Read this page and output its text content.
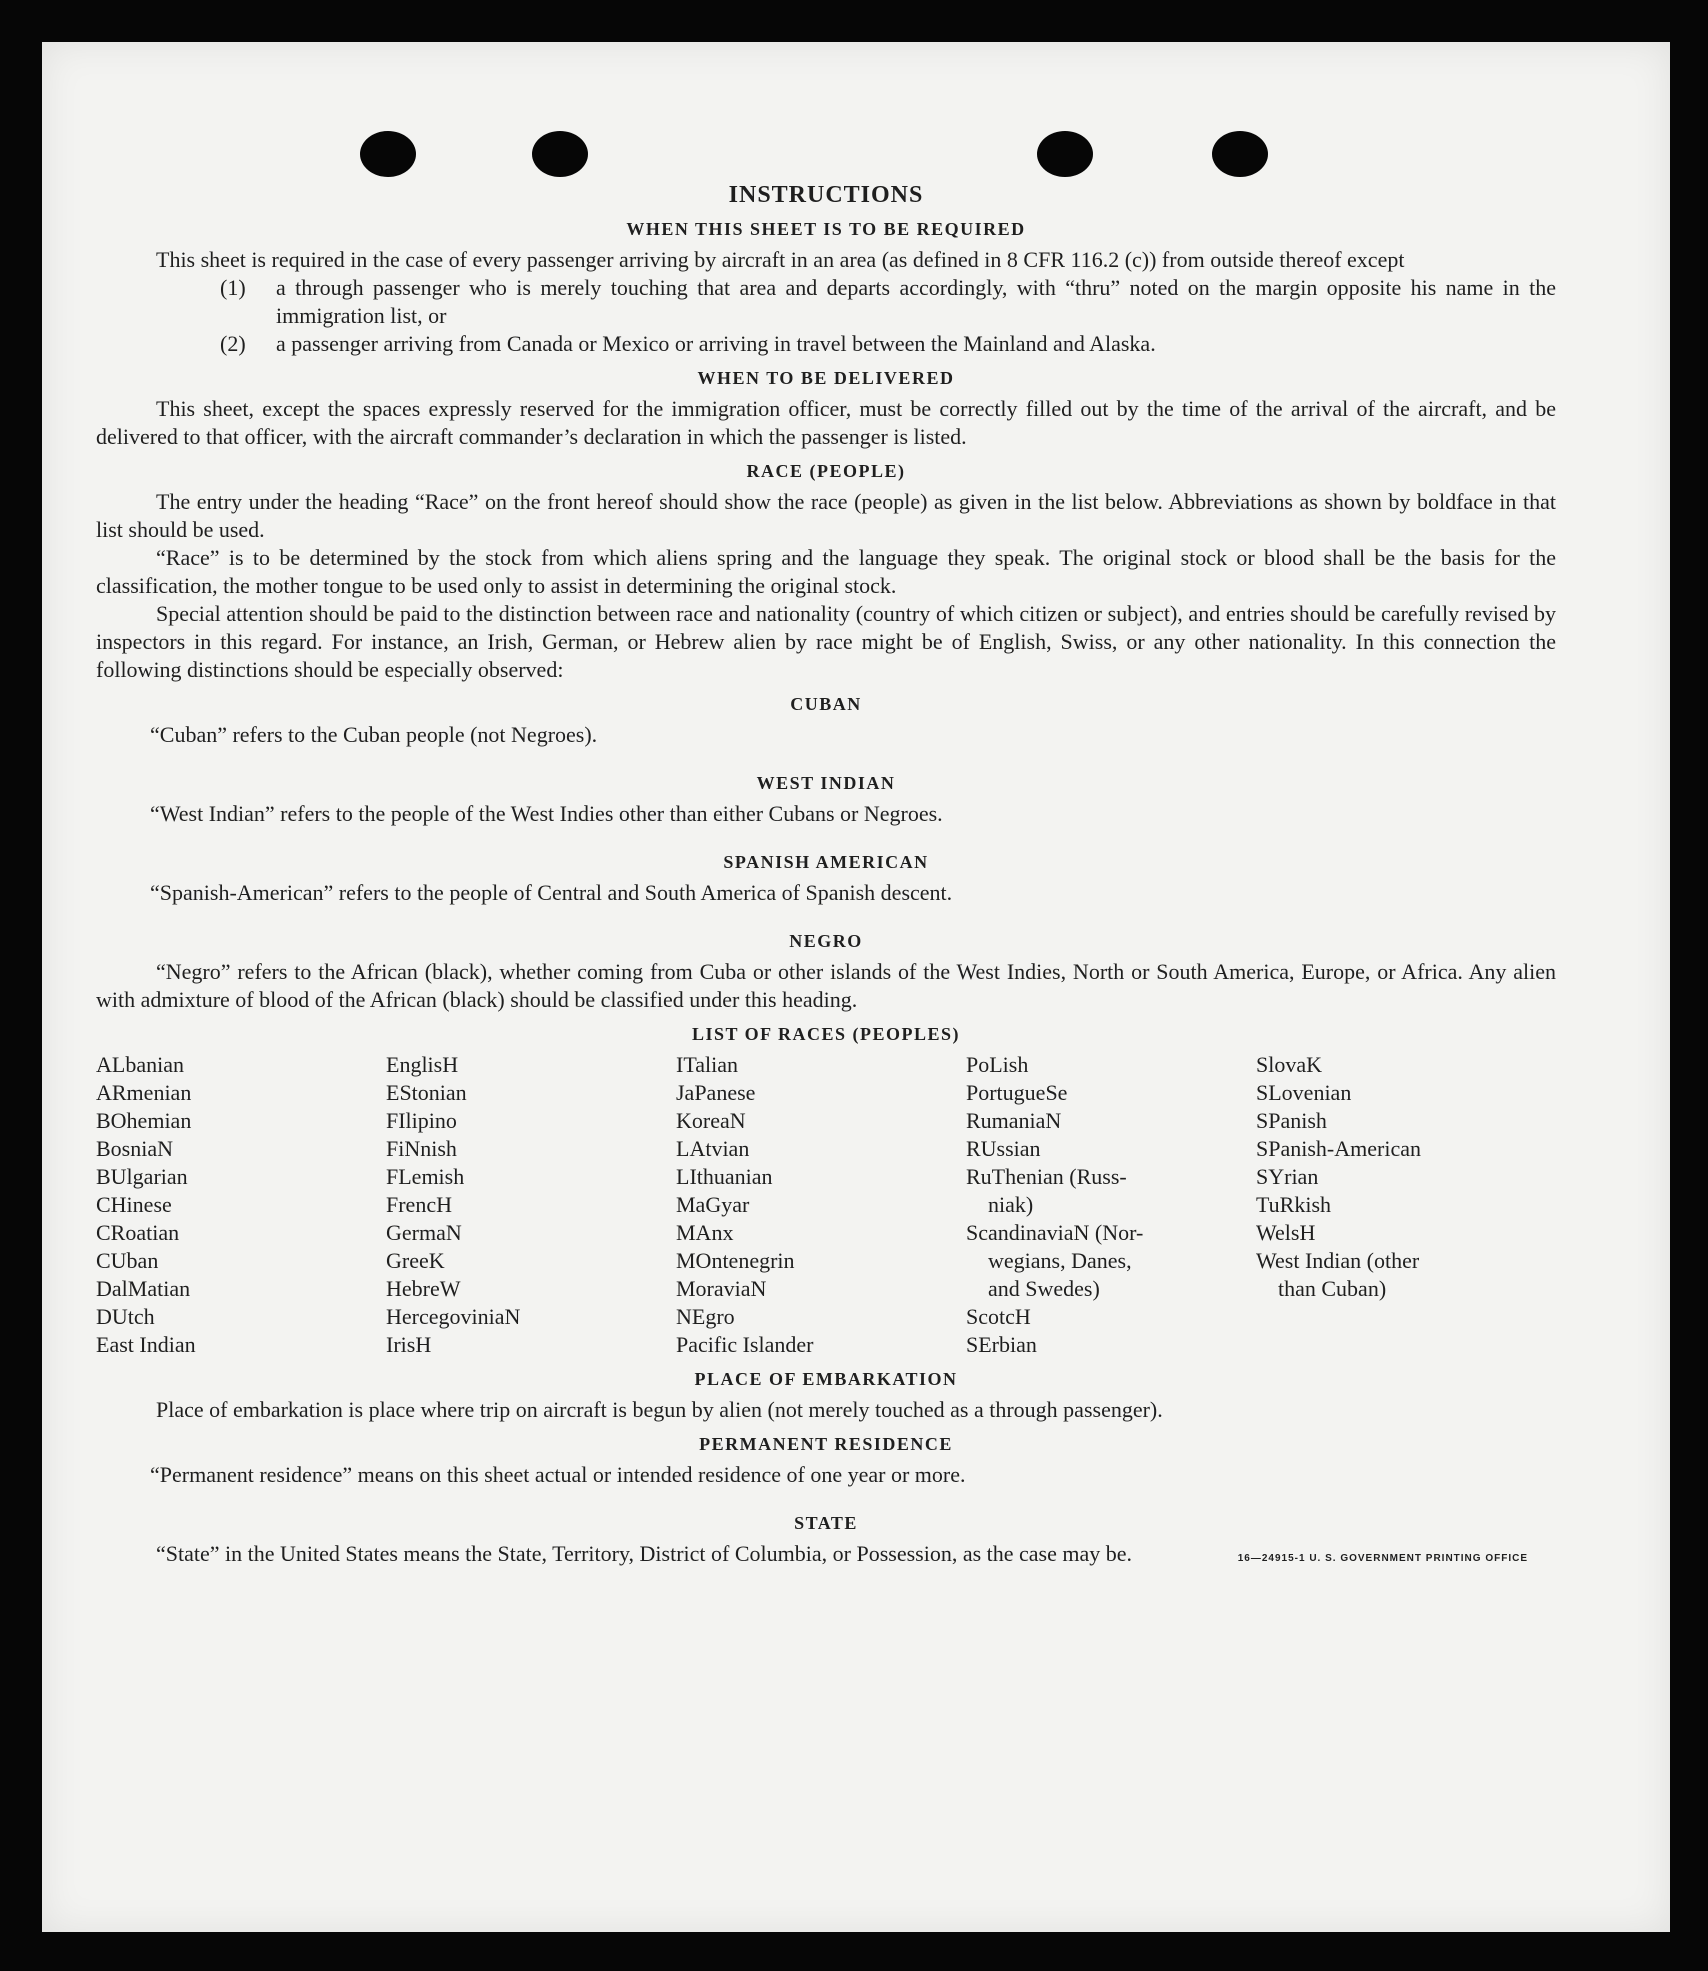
INSTRUCTIONS
WHEN THIS SHEET IS TO BE REQUIRED

This sheet is required in the case of every passenger arriving by aircraft in an area (as defined in 8 CFR 116.2 (c)) from outside thereof except

(1)	a through passenger who is merely touching that area and departs accordingly, with “thru” noted on the margin opposite his name in the immigration list, or
(2)	a passenger arriving from Canada or Mexico or arriving in travel between the Mainland and Alaska.
WHEN TO BE DELIVERED

This sheet, except the spaces expressly reserved for the immigration officer, must be correctly filled out by the time of the arrival of the aircraft, and be delivered to that officer, with the aircraft commander’s declaration in which the passenger is listed.

RACE (PEOPLE)

The entry under the heading “Race” on the front hereof should show the race (people) as given in the list below. Abbreviations as shown by boldface in that list should be used.

“Race” is to be determined by the stock from which aliens spring and the language they speak. The original stock or blood shall be the basis for the classification, the mother tongue to be used only to assist in determining the original stock.

Special attention should be paid to the distinction between race and nationality (country of which citizen or subject), and entries should be carefully revised by inspectors in this regard. For instance, an Irish, German, or Hebrew alien by race might be of English, Swiss, or any other nationality. In this connection the following distinctions should be especially observed:

CUBAN

“Cuban” refers to the Cuban people (not Negroes).

WEST INDIAN

“West Indian” refers to the people of the West Indies other than either Cubans or Negroes.

SPANISH AMERICAN

“Spanish-American” refers to the people of Central and South America of Spanish descent.

NEGRO

“Negro” refers to the African (black), whether coming from Cuba or other islands of the West Indies, North or South America, Europe, or Africa. Any alien with admixture of blood of the African (black) should be classified under this heading.

LIST OF RACES (PEOPLES)
ALbanian
ARmenian
BOhemian
BosniaN
BUlgarian
CHinese
CRoatian
CUban
DalMatian
DUtch
East Indian
EnglisH
EStonian
FIlipino
FiNnish
FLemish
FrencH
GermaN
GreeK
HebreW
HercegoviniaN
IrisH
ITalian
JaPanese
KoreaN
LAtvian
LIthuanian
MaGyar
MAnx
MOntenegrin
MoraviaN
NEgro
Pacific Islander
PoLish
PortugueSe
RumaniaN
RUssian
RuThenian (Russ-
niak)
ScandinaviaN (Nor-
wegians, Danes,
and Swedes)
ScotcH
SErbian
SlovaK
SLovenian
SPanish
SPanish-American
SYrian
TuRkish
WelsH
West Indian (other
than Cuban)
PLACE OF EMBARKATION

Place of embarkation is place where trip on aircraft is begun by alien (not merely touched as a through passenger).

PERMANENT RESIDENCE

“Permanent residence” means on this sheet actual or intended residence of one year or more.

STATE

“State” in the United States means the State, Territory, District of Columbia, or Possession, as the case may be.	16—24915-1 U. S. GOVERNMENT PRINTING OFFICE
